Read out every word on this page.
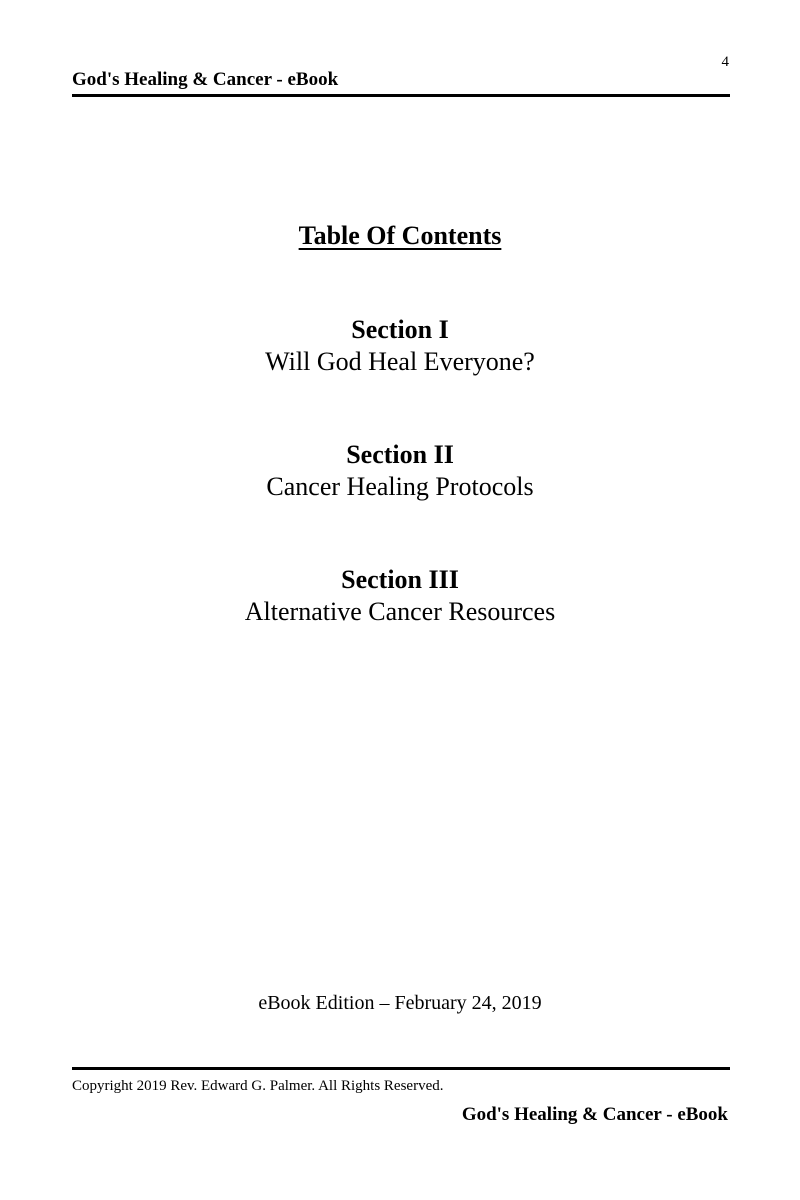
4
God's Healing & Cancer - eBook
Table Of Contents
Section I
Will God Heal Everyone?
Section II
Cancer Healing Protocols
Section III
Alternative Cancer Resources
eBook Edition – February 24, 2019
Copyright 2019 Rev. Edward G. Palmer. All Rights Reserved.
God's Healing & Cancer - eBook
